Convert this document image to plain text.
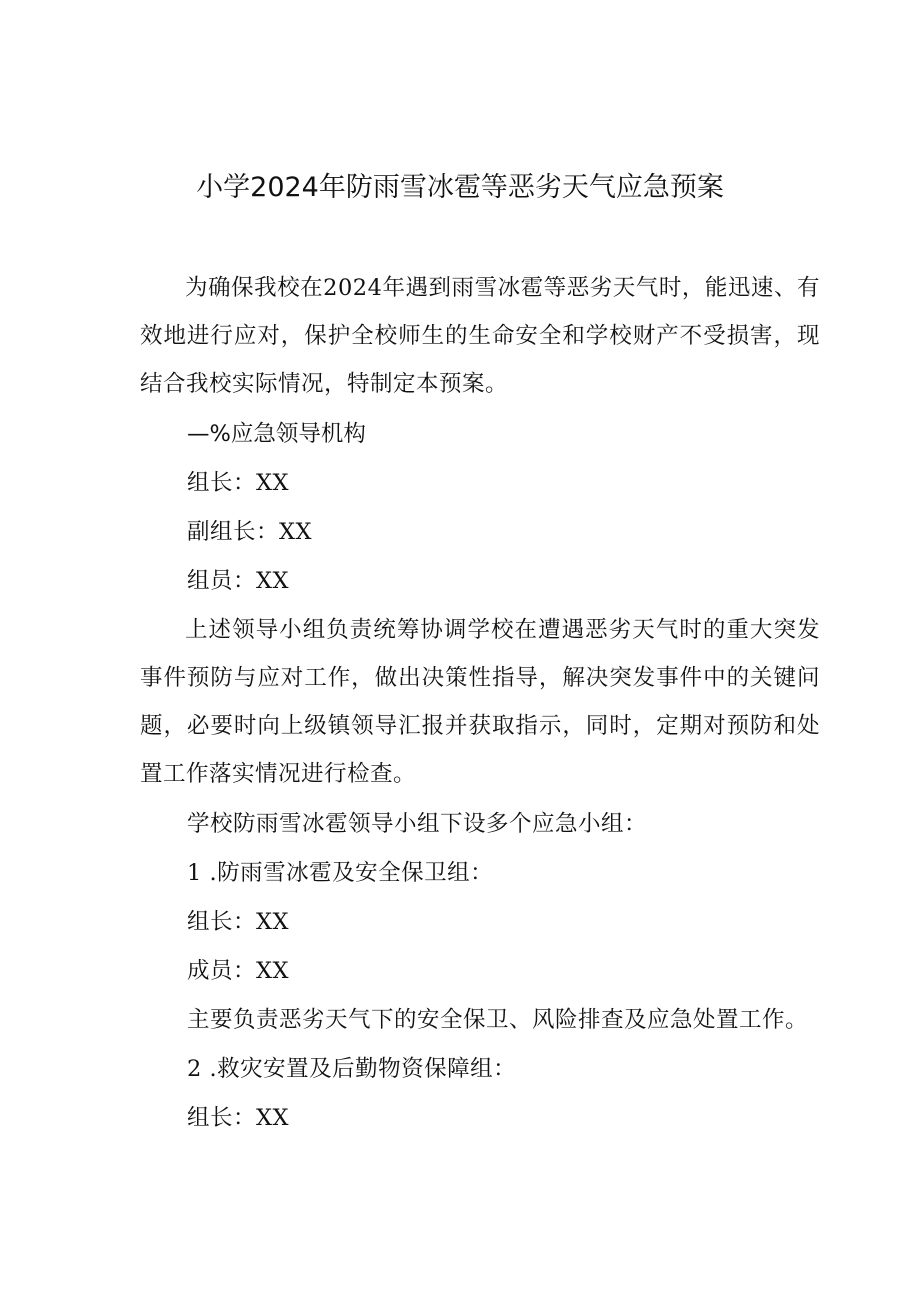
小学2024年防雨雪冰雹等恶劣天气应急预案

为确保我校在2024年遇到雨雪冰雹等恶劣天气时，能迅速、有效地进行应对，保护全校师生的生命安全和学校财产不受损害，现结合我校实际情况，特制定本预案。

—%应急领导机构

组长：XX

副组长：XX

组员：XX

上述领导小组负责统筹协调学校在遭遇恶劣天气时的重大突发事件预防与应对工作，做出决策性指导，解决突发事件中的关键问题，必要时向上级镇领导汇报并获取指示，同时，定期对预防和处置工作落实情况进行检查。

学校防雨雪冰雹领导小组下设多个应急小组：

1 .防雨雪冰雹及安全保卫组：

组长：XX

成员：XX

主要负责恶劣天气下的安全保卫、风险排查及应急处置工作。

2 .救灾安置及后勤物资保障组：

组长：XX
